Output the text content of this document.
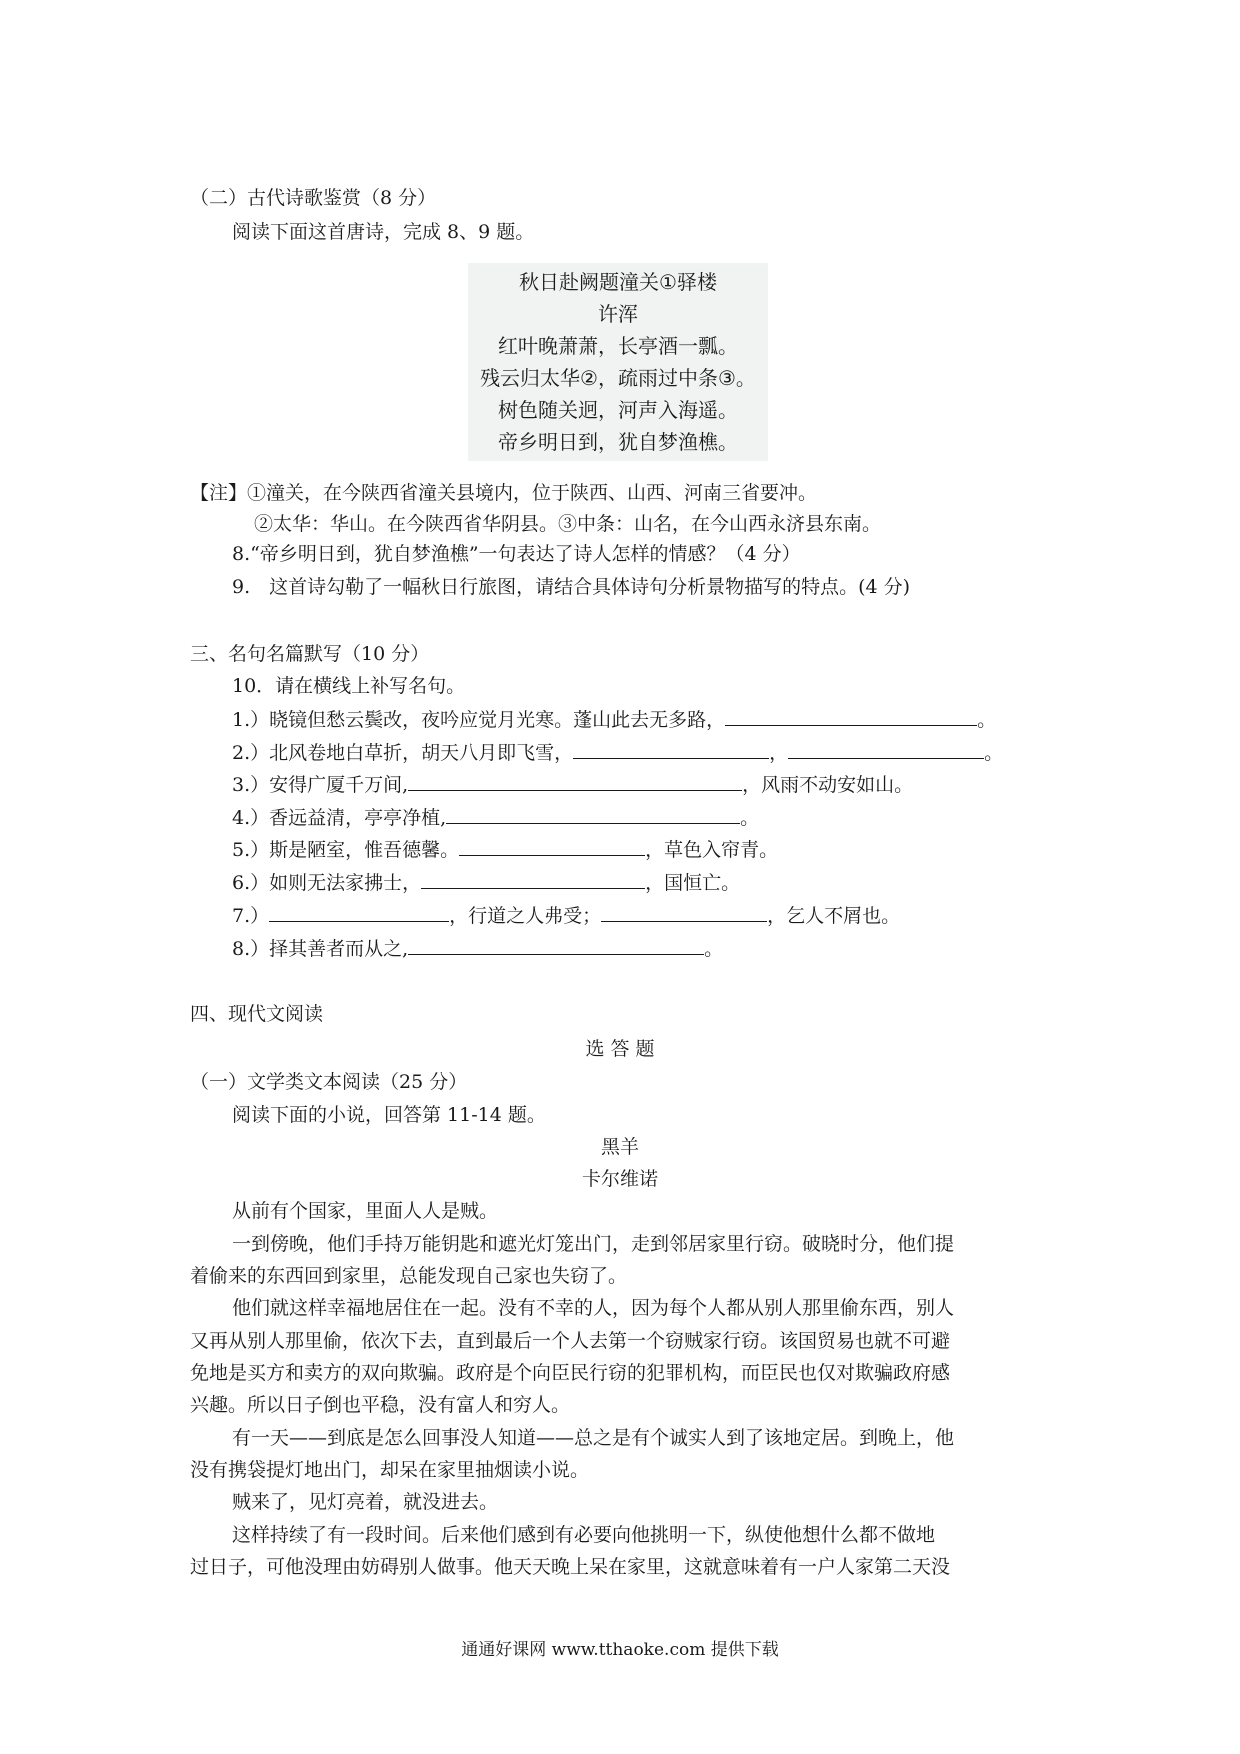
（二）古代诗歌鉴赏（8 分）
阅读下面这首唐诗，完成 8、9 题。
秋日赴阙题潼关①驿楼
许浑
红叶晚萧萧，长亭酒一瓢。
残云归太华②，疏雨过中条③。
树色随关迥，河声入海遥。
帝乡明日到，犹自梦渔樵。
【注】①潼关，在今陕西省潼关县境内，位于陕西、山西、河南三省要冲。
②太华：华山。在今陕西省华阴县。③中条：山名，在今山西永济县东南。
8.“帝乡明日到，犹自梦渔樵”一句表达了诗人怎样的情感？（4 分）
9.　这首诗勾勒了一幅秋日行旅图，请结合具体诗句分析景物描写的特点。(4 分)
三、名句名篇默写（10 分）
10．请在横线上补写名句。
1.）晓镜但愁云鬓改，夜吟应觉月光寒。蓬山此去无多路，	。
2.）北风卷地白草折，胡天八月即飞雪，	，	。
3.）安得广厦千万间,	，风雨不动安如山。
4.）香远益清，亭亭净植,	。
5.）斯是陋室，惟吾德馨。	，草色入帘青。
6.）如则无法家拂士，	，国恒亡。
7.）	，行道之人弗受；	，乞人不屑也。
8.）择其善者而从之,	。
四、现代文阅读
选 答 题
（一）文学类文本阅读（25 分）
阅读下面的小说，回答第 11-14 题。
黑羊
卡尔维诺
从前有个国家，里面人人是贼。
一到傍晚，他们手持万能钥匙和遮光灯笼出门，走到邻居家里行窃。破晓时分，他们提
着偷来的东西回到家里，总能发现自己家也失窃了。
他们就这样幸福地居住在一起。没有不幸的人，因为每个人都从别人那里偷东西，别人
又再从别人那里偷，依次下去，直到最后一个人去第一个窃贼家行窃。该国贸易也就不可避
免地是买方和卖方的双向欺骗。政府是个向臣民行窃的犯罪机构，而臣民也仅对欺骗政府感
兴趣。所以日子倒也平稳，没有富人和穷人。
有一天——到底是怎么回事没人知道——总之是有个诚实人到了该地定居。到晚上，他
没有携袋提灯地出门，却呆在家里抽烟读小说。
贼来了，见灯亮着，就没进去。
这样持续了有一段时间。后来他们感到有必要向他挑明一下，纵使他想什么都不做地
过日子，可他没理由妨碍别人做事。他天天晚上呆在家里，这就意味着有一户人家第二天没
通通好课网 www.tthaoke.com 提供下载
